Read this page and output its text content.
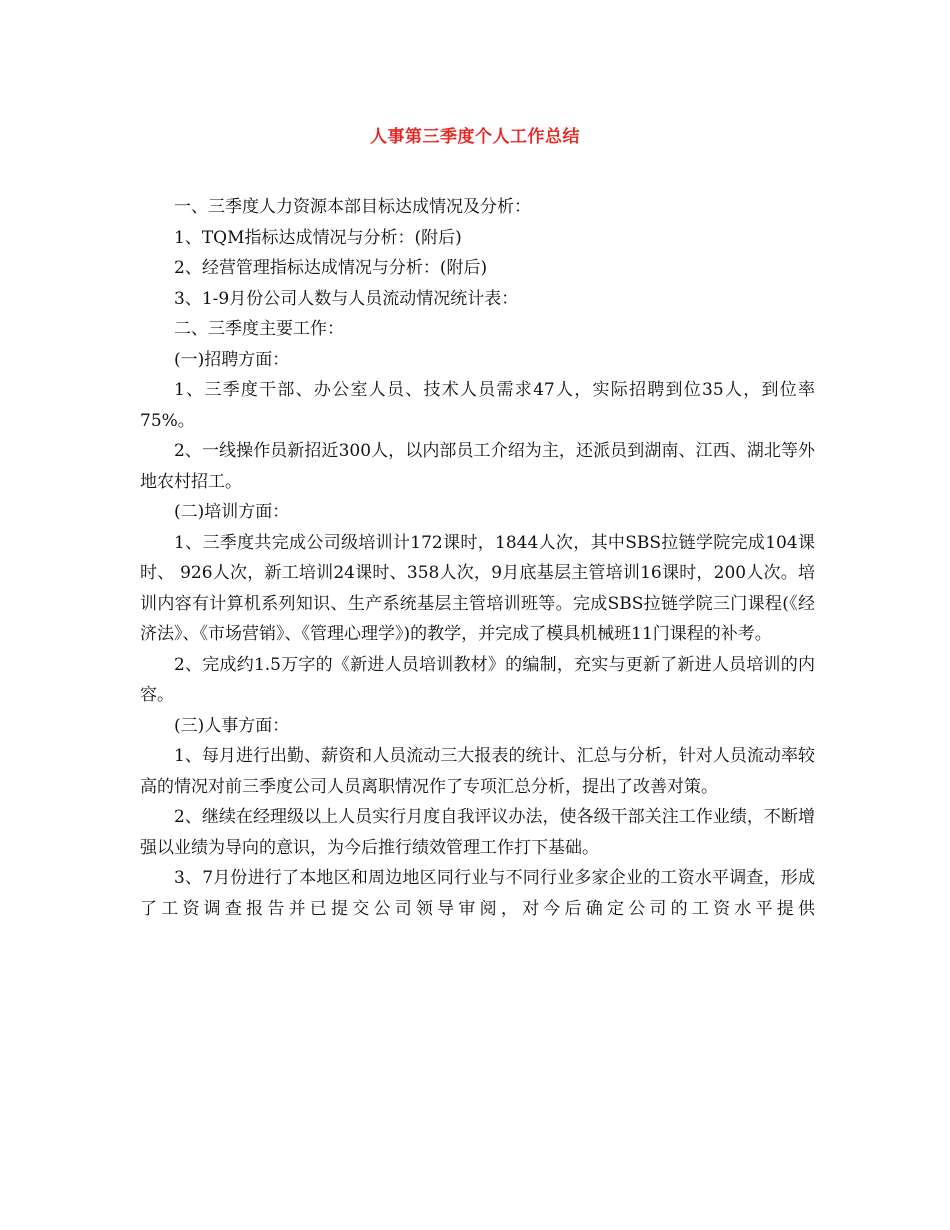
人事第三季度个人工作总结

一、三季度人力资源本部目标达成情况及分析：

1、TQM指标达成情况与分析：(附后)

2、经营管理指标达成情况与分析：(附后)

3、1-9月份公司人数与人员流动情况统计表：

二、三季度主要工作：

(一)招聘方面：

1、三季度干部、办公室人员、技术人员需求47人，实际招聘到位35人，到位率75%。

2、一线操作员新招近300人，以内部员工介绍为主，还派员到湖南、江西、湖北等外地农村招工。

(二)培训方面：

1、三季度共完成公司级培训计172课时，1844人次，其中SBS拉链学院完成104课时、 926人次，新工培训24课时、358人次，9月底基层主管培训16课时，200人次。培训内容有计算机系列知识、生产系统基层主管培训班等。完成SBS拉链学院三门课程(《经济法》、《市场营销》、《管理心理学》)的教学，并完成了模具机械班11门课程的补考。

2、完成约1.5万字的《新进人员培训教材》的编制，充实与更新了新进人员培训的内容。

(三)人事方面：

1、每月进行出勤、薪资和人员流动三大报表的统计、汇总与分析，针对人员流动率较高的情况对前三季度公司人员离职情况作了专项汇总分析，提出了改善对策。

2、继续在经理级以上人员实行月度自我评议办法，使各级干部关注工作业绩，不断增强以业绩为导向的意识，为今后推行绩效管理工作打下基础。

3、7月份进行了本地区和周边地区同行业与不同行业多家企业的工资水平调查，形成了工资调查报告并已提交公司领导审阅，对今后确定公司的工资水平提供
